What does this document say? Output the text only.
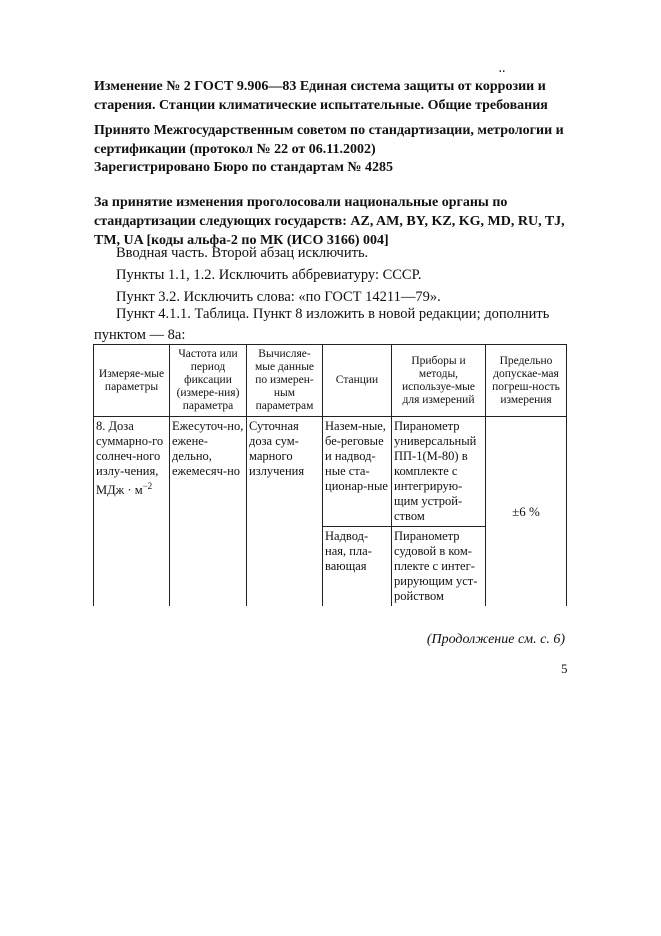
..

Изменение № 2 ГОСТ 9.906—83 Единая система защиты от коррозии и старения. Станции климатические испытательные. Общие требования

Принято Межгосударственным советом по стандартизации, метрологии и сертификации (протокол № 22 от 06.11.2002)

Зарегистрировано Бюро по стандартам № 4285

За принятие изменения проголосовали национальные органы по стандартизации следующих государств: AZ, AM, BY, KZ, KG, MD, RU, TJ, TM, UA [коды альфа-2 по МК (ИСО 3166) 004]

Вводная часть. Второй абзац исключить.

Пункты 1.1, 1.2. Исключить аббревиатуру: СССР.

Пункт 3.2. Исключить слова: «по ГОСТ 14211—79».

Пункт 4.1.1. Таблица. Пункт 8 изложить в новой редакции; дополнить пунктом — 8а:

Измеряе-мые параметры	Частота или период фиксации (измере-ния) параметра	Вычисляе-мые данные по измерен-ным параметрам	Станции	Приборы и методы, используе-мые для измерений	Предельно допускае-мая погреш-ность измерения
8. Доза суммарно-го солнеч-ного излу-чения, МДж · $м^{-2}$	Ежесуточ-но, ежене-дельно, ежемесяч-но	Суточная доза сум-марного излучения	Назем-ные, бе-реговые и надвод-ные ста-ционар-ные	Пиранометр универсальный ПП-1(М-80) в комплекте с интегрирую-щим устрой-ством	±6 %
			Надвод-ная, пла-вающая	Пиранометр судовой в ком-плекте с интег-рирующим уст-ройством	
(Продолжение см. с. 6)
5
